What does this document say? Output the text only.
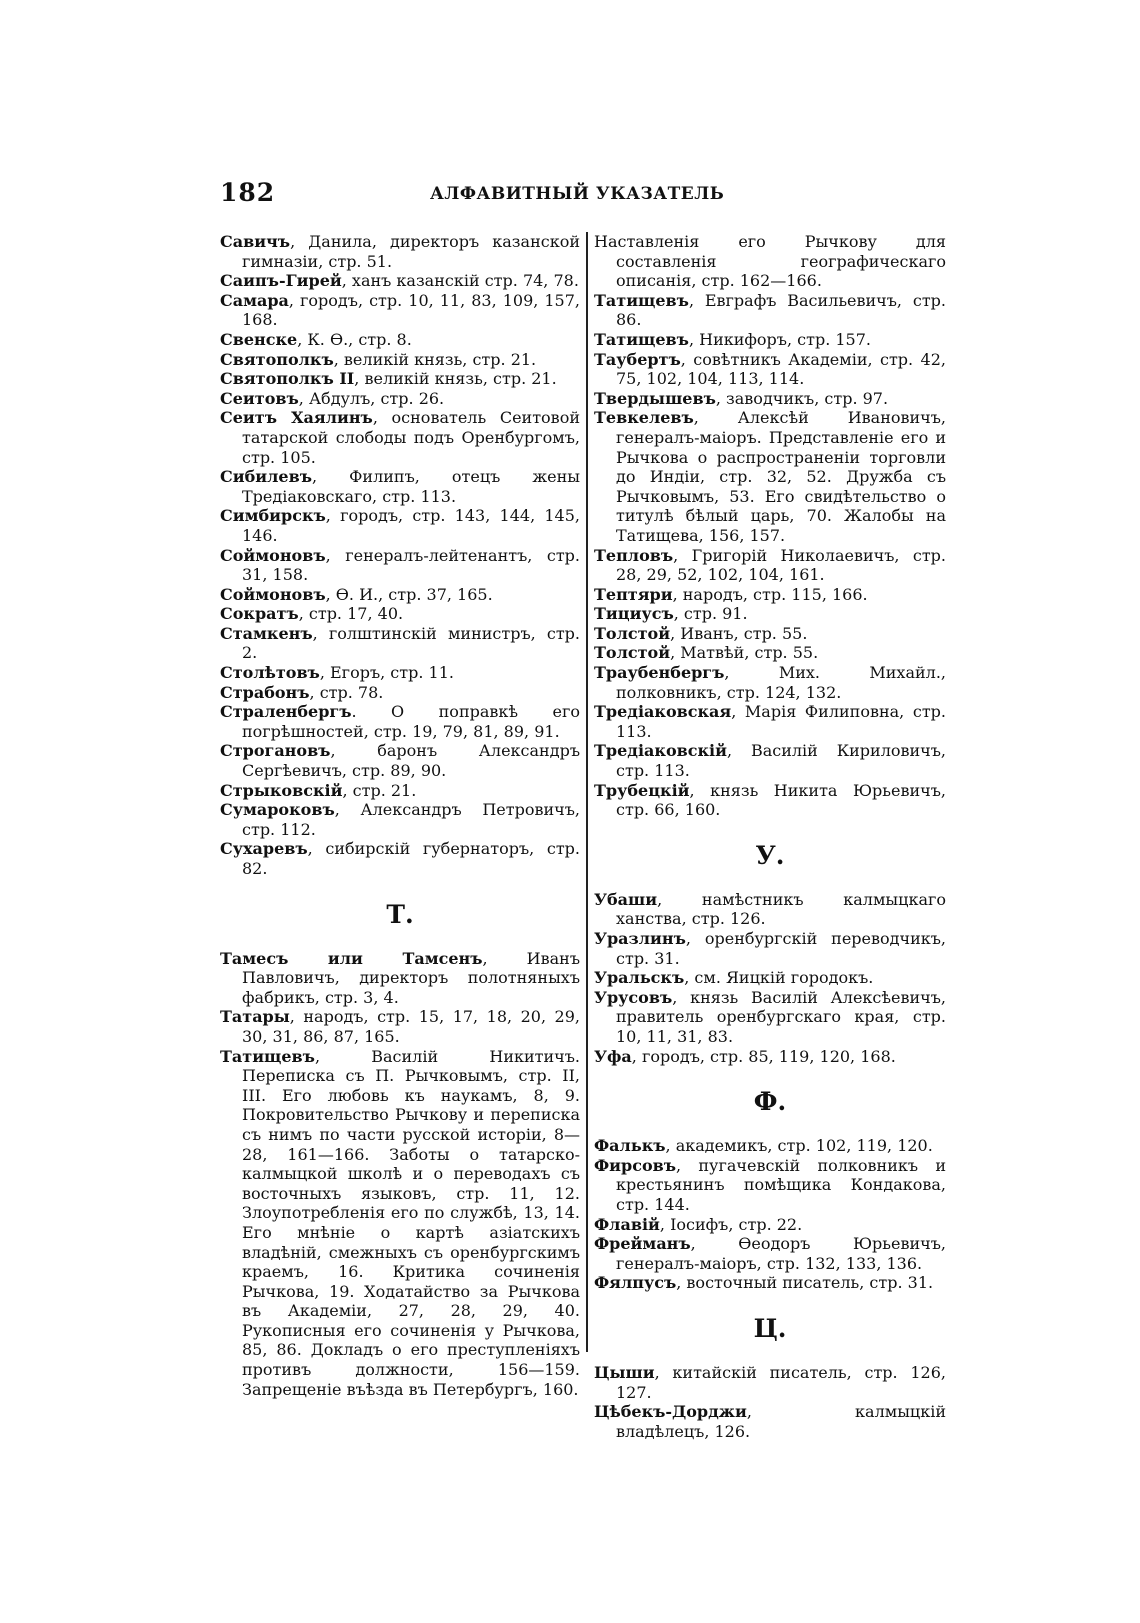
182	АЛФАВИТНЫЙ УКАЗАТЕЛЬ

Савичъ, Данила, директоръ казанской гимназіи, стр. 51.

Саипъ-Гирей, ханъ казанскій стр. 74, 78.

Самара, городъ, стр. 10, 11, 83, 109, 157, 168.

Свенске, К. Ѳ., стр. 8.

Святополкъ, великій князь, стр. 21.

Святополкъ II, великій князь, стр. 21.

Сеитовъ, Абдулъ, стр. 26.

Сеитъ Хаялинъ, основатель Сеитовой татарской слободы подъ Оренбургомъ, стр. 105.

Сибилевъ, Филипъ, отецъ жены Тредіаковскаго, стр. 113.

Симбирскъ, городъ, стр. 143, 144, 145, 146.

Соймоновъ, генералъ-лейтенантъ, стр. 31, 158.

Соймоновъ, Ѳ. И., стр. 37, 165.

Сократъ, стр. 17, 40.

Стамкенъ, голштинскій министръ, стр. 2.

Столѣтовъ, Егоръ, стр. 11.

Страбонъ, стр. 78.

Страленбергъ. О поправкѣ его погрѣшностей, стр. 19, 79, 81, 89, 91.

Строгановъ, баронъ Александръ Сергѣевичъ, стр. 89, 90.

Стрыковскій, стр. 21.

Сумароковъ, Александръ Петровичъ, стр. 112.

Сухаревъ, сибирскій губернаторъ, стр. 82.

Т.

Тамесъ или Тамсенъ, Иванъ Павловичъ, директоръ полотняныхъ фабрикъ, стр. 3, 4.

Татары, народъ, стр. 15, 17, 18, 20, 29, 30, 31, 86, 87, 165.

Татищевъ, Василій Никитичъ. Переписка съ П. Рычковымъ, стр. II, III. Его любовь къ наукамъ, 8, 9. Покровительство Рычкову и переписка съ нимъ по части русской исторіи, 8—28, 161—166. Заботы о татарско-калмыцкой школѣ и о переводахъ съ восточныхъ языковъ, стр. 11, 12. Злоупотребленія его по службѣ, 13, 14. Его мнѣніе о картѣ азіатскихъ владѣній, смежныхъ съ оренбургскимъ краемъ, 16. Критика сочиненія Рычкова, 19. Ходатайство за Рычкова въ Академіи, 27, 28, 29, 40. Рукописныя его сочиненія у Рычкова, 85, 86. Докладъ о его преступленіяхъ противъ должности, 156—159. Запрещеніе въѣзда въ Петербургъ, 160.

Наставленія его Рычкову для составленія географическаго описанія, стр. 162—166.

Татищевъ, Евграфъ Васильевичъ, стр. 86.

Татищевъ, Никифоръ, стр. 157.

Таубертъ, совѣтникъ Академіи, стр. 42, 75, 102, 104, 113, 114.

Твердышевъ, заводчикъ, стр. 97.

Тевкелевъ, Алексѣй Ивановичъ, генералъ-маіоръ. Представленіе его и Рычкова о распространеніи торговли до Индіи, стр. 32, 52. Дружба съ Рычковымъ, 53. Его свидѣтельство о титулѣ бѣлый царь, 70. Жалобы на Татищева, 156, 157.

Тепловъ, Григорій Николаевичъ, стр. 28, 29, 52, 102, 104, 161.

Тептяри, народъ, стр. 115, 166.

Тициусъ, стр. 91.

Толстой, Иванъ, стр. 55.

Толстой, Матвѣй, стр. 55.

Траубенбергъ, Мих. Михайл., полковникъ, стр. 124, 132.

Тредіаковская, Марія Филиповна, стр. 113.

Тредіаковскій, Василій Кириловичъ, стр. 113.

Трубецкій, князь Никита Юрьевичъ, стр. 66, 160.

У.

Убаши, намѣстникъ калмыцкаго ханства, стр. 126.

Уразлинъ, оренбургскій переводчикъ, стр. 31.

Уральскъ, см. Яицкій городокъ.

Урусовъ, князь Василій Алексѣевичъ, правитель оренбургскаго края, стр. 10, 11, 31, 83.

Уфа, городъ, стр. 85, 119, 120, 168.

Ф.

Фалькъ, академикъ, стр. 102, 119, 120.

Фирсовъ, пугачевскій полковникъ и крестьянинъ помѣщика Кондакова, стр. 144.

Флавій, Іосифъ, стр. 22.

Фрейманъ, Ѳеодоръ Юрьевичъ, генералъ-маіоръ, стр. 132, 133, 136.

Фялпусъ, восточный писатель, стр. 31.

Ц.

Цыши, китайскій писатель, стр. 126, 127.

Цѣбекъ-Дорджи, калмыцкій владѣлецъ, 126.
